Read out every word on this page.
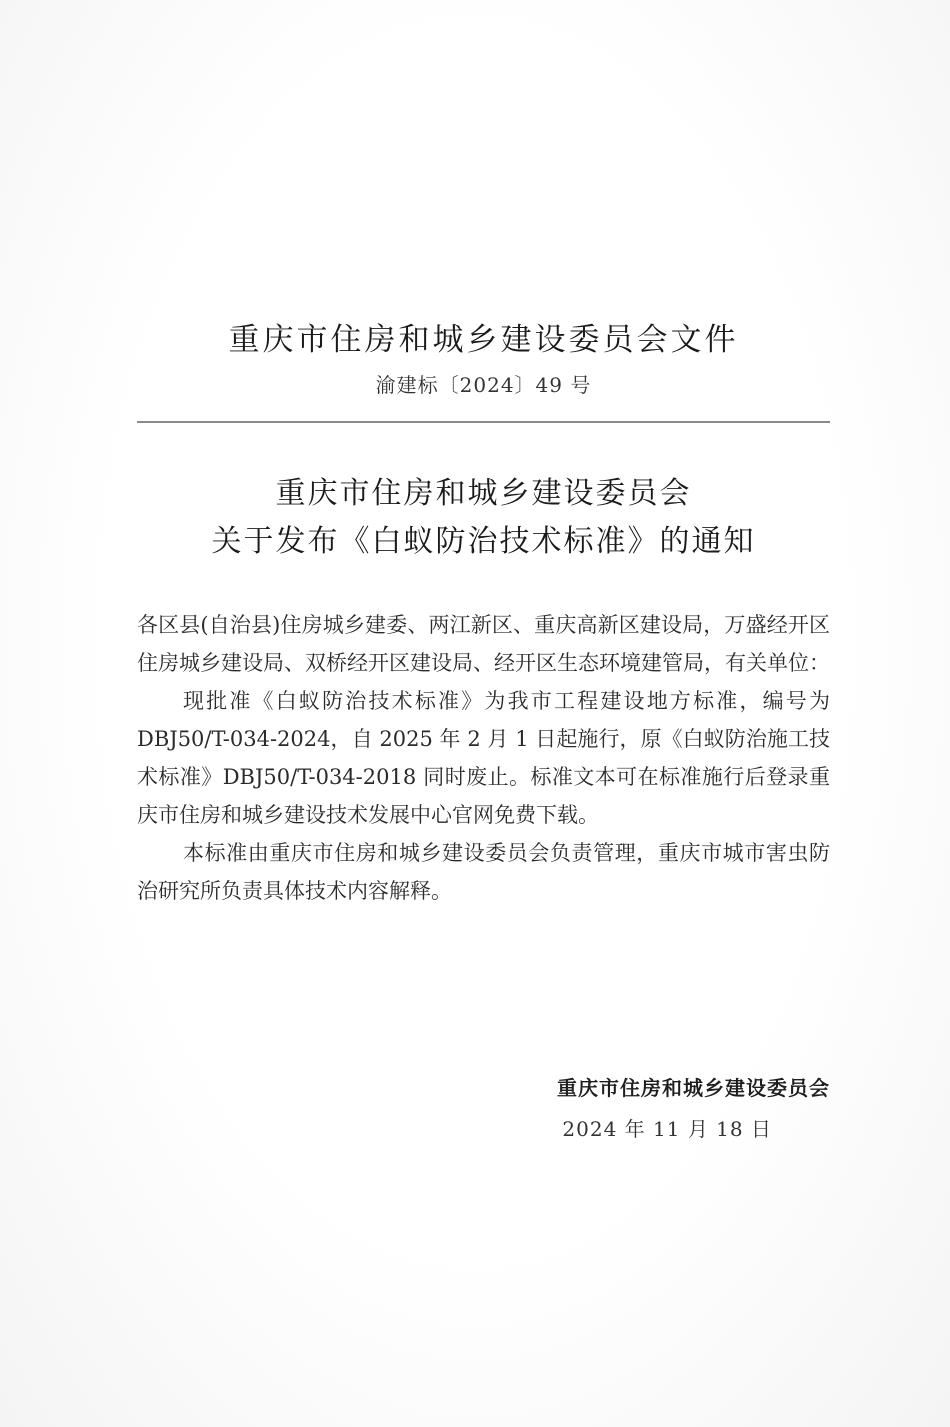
重庆市住房和城乡建设委员会文件
渝建标〔2024〕49 号
重庆市住房和城乡建设委员会
关于发布《白蚁防治技术标准》的通知

各区县(自治县)住房城乡建委、两江新区、重庆高新区建设局，万盛经开区住房城乡建设局、双桥经开区建设局、经开区生态环境建管局，有关单位：

现批准《白蚁防治技术标准》为我市工程建设地方标准，编号为 DBJ50/T-034-2024，自 2025 年 2 月 1 日起施行，原《白蚁防治施工技术标准》DBJ50/T-034-2018 同时废止。标准文本可在标准施行后登录重庆市住房和城乡建设技术发展中心官网免费下载。

本标准由重庆市住房和城乡建设委员会负责管理，重庆市城市害虫防治研究所负责具体技术内容解释。

重庆市住房和城乡建设委员会
2024 年 11 月 18 日
